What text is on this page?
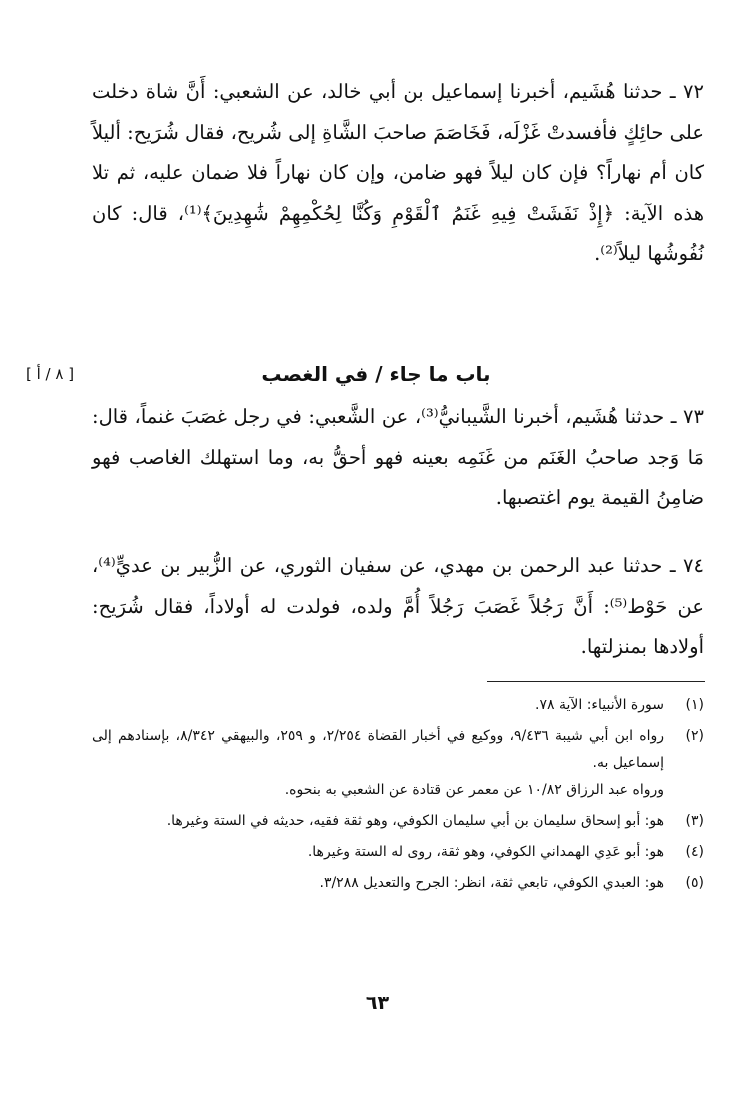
٧٢ ـ حدثنا هُشَيم، أخبرنا إسماعيل بن أبي خالد، عن الشعبي: أَنَّ شاة دخلت على حائِكٍ فأفسدتْ غَزْلَه، فَخَاصَمَ صاحبَ الشَّاةِ إلى شُريح، فقال شُرَيح: أليلاً كان أم نهاراً؟ فإن كان ليلاً فهو ضامن، وإن كان نهاراً فلا ضمان عليه، ثم تلا هذه الآية: ﴿إِذْ نَفَشَتْ فِيهِ غَنَمُ ٱلْقَوْمِ وَكُنَّا لِحُكْمِهِمْ شَٰهِدِينَ﴾⁽¹⁾، قال: كان نُفُوشُها ليلاً⁽²⁾.
باب ما جاء / في الغصب
[ ٨ / أ ]
٧٣ ـ حدثنا هُشَيم، أخبرنا الشَّيبانيُّ⁽³⁾، عن الشَّعبي: في رجل غصَبَ غنماً، قال: مَا وَجد صاحبُ الغَنَم من غَنَمِه بعينه فهو أحقُّ به، وما استهلك الغاصب فهو ضامِنُ القيمة يوم اغتصبها.
٧٤ ـ حدثنا عبد الرحمن بن مهدي، عن سفيان الثوري، عن الزُّبير بن عديٍّ⁽⁴⁾، عن حَوْط⁽⁵⁾: أَنَّ رَجُلاً غَصَبَ رَجُلاً أُمَّ ولده، فولدت له أولاداً، فقال شُرَيح: أولادها بمنزلتها.
(١)
سورة الأنبياء: الآية ٧٨.
(٢)
رواه ابن أبي شيبة ٩/٤٣٦، ووكيع في أخبار القضاة ٢/٢٥٤، و ٢٥٩، والبيهقي ٨/٣٤٢، بإسنادهم إلى إسماعيل به.
ورواه عبد الرزاق ١٠/٨٢ عن معمر عن قتادة عن الشعبي به بنحوه.
(٣)
هو: أبو إسحاق سليمان بن أبي سليمان الكوفي، وهو ثقة فقيه، حديثه في الستة وغيرها.
(٤)
هو: أبو عَدِي الهمداني الكوفي، وهو ثقة، روى له الستة وغيرها.
(٥)
هو: العبدي الكوفي، تابعي ثقة، انظر: الجرح والتعديل ٣/٢٨٨.
٦٣
